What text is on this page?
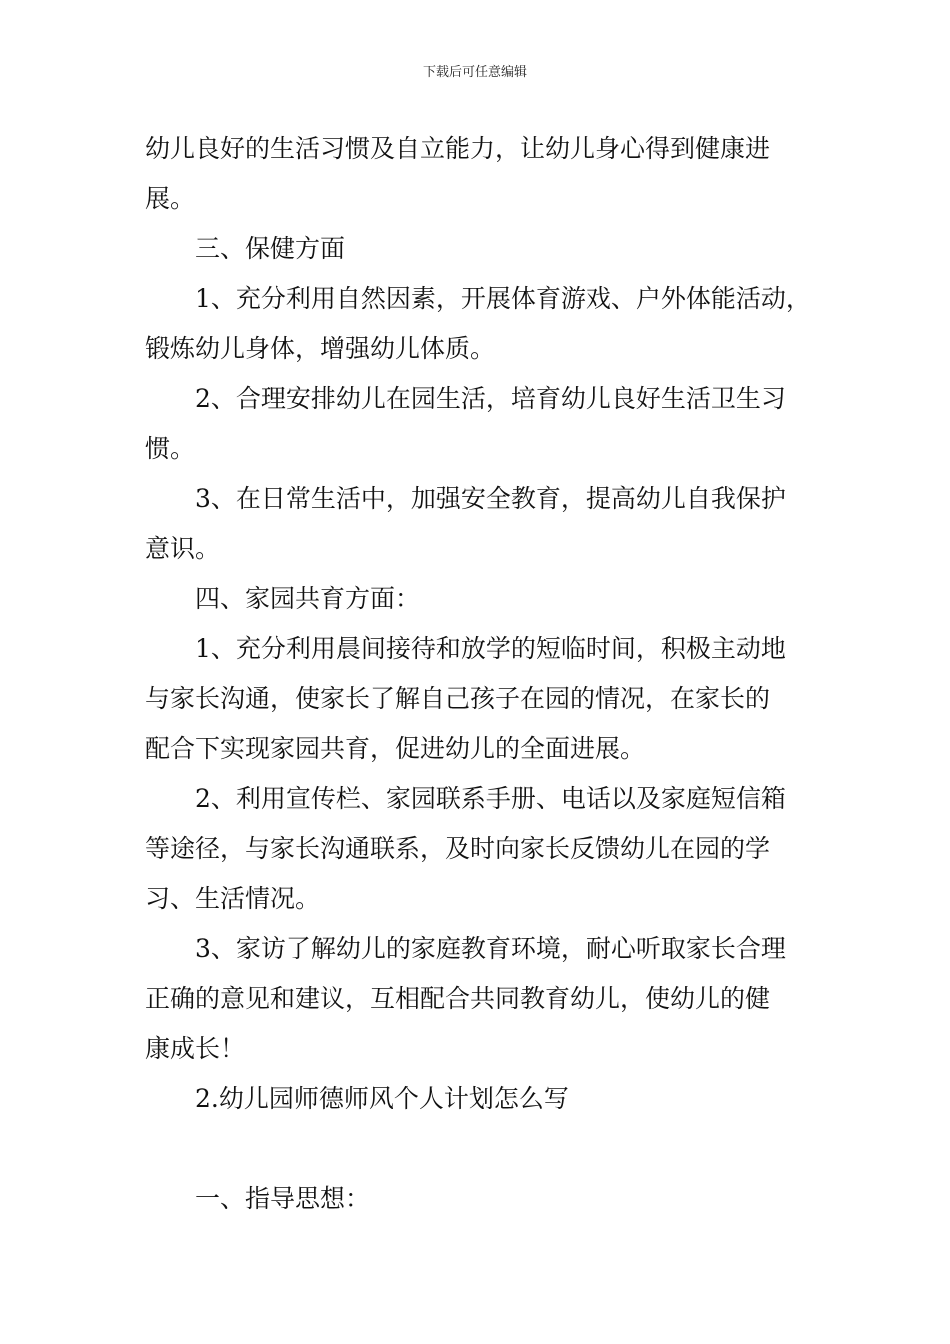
下载后可任意编辑
幼儿良好的生活习惯及自立能力，让幼儿身心得到健康进
展。
三、保健方面
1、充分利用自然因素，开展体育游戏、户外体能活动，
锻炼幼儿身体，增强幼儿体质。
2、合理安排幼儿在园生活，培育幼儿良好生活卫生习
惯。
3、在日常生活中，加强安全教育，提高幼儿自我保护
意识。
四、家园共育方面：
1、充分利用晨间接待和放学的短临时间，积极主动地
与家长沟通，使家长了解自己孩子在园的情况，在家长的
配合下实现家园共育，促进幼儿的全面进展。
2、利用宣传栏、家园联系手册、电话以及家庭短信箱
等途径，与家长沟通联系，及时向家长反馈幼儿在园的学
习、生活情况。
3、家访了解幼儿的家庭教育环境，耐心听取家长合理
正确的意见和建议，互相配合共同教育幼儿，使幼儿的健
康成长！
2.幼儿园师德师风个人计划怎么写
一、指导思想：
